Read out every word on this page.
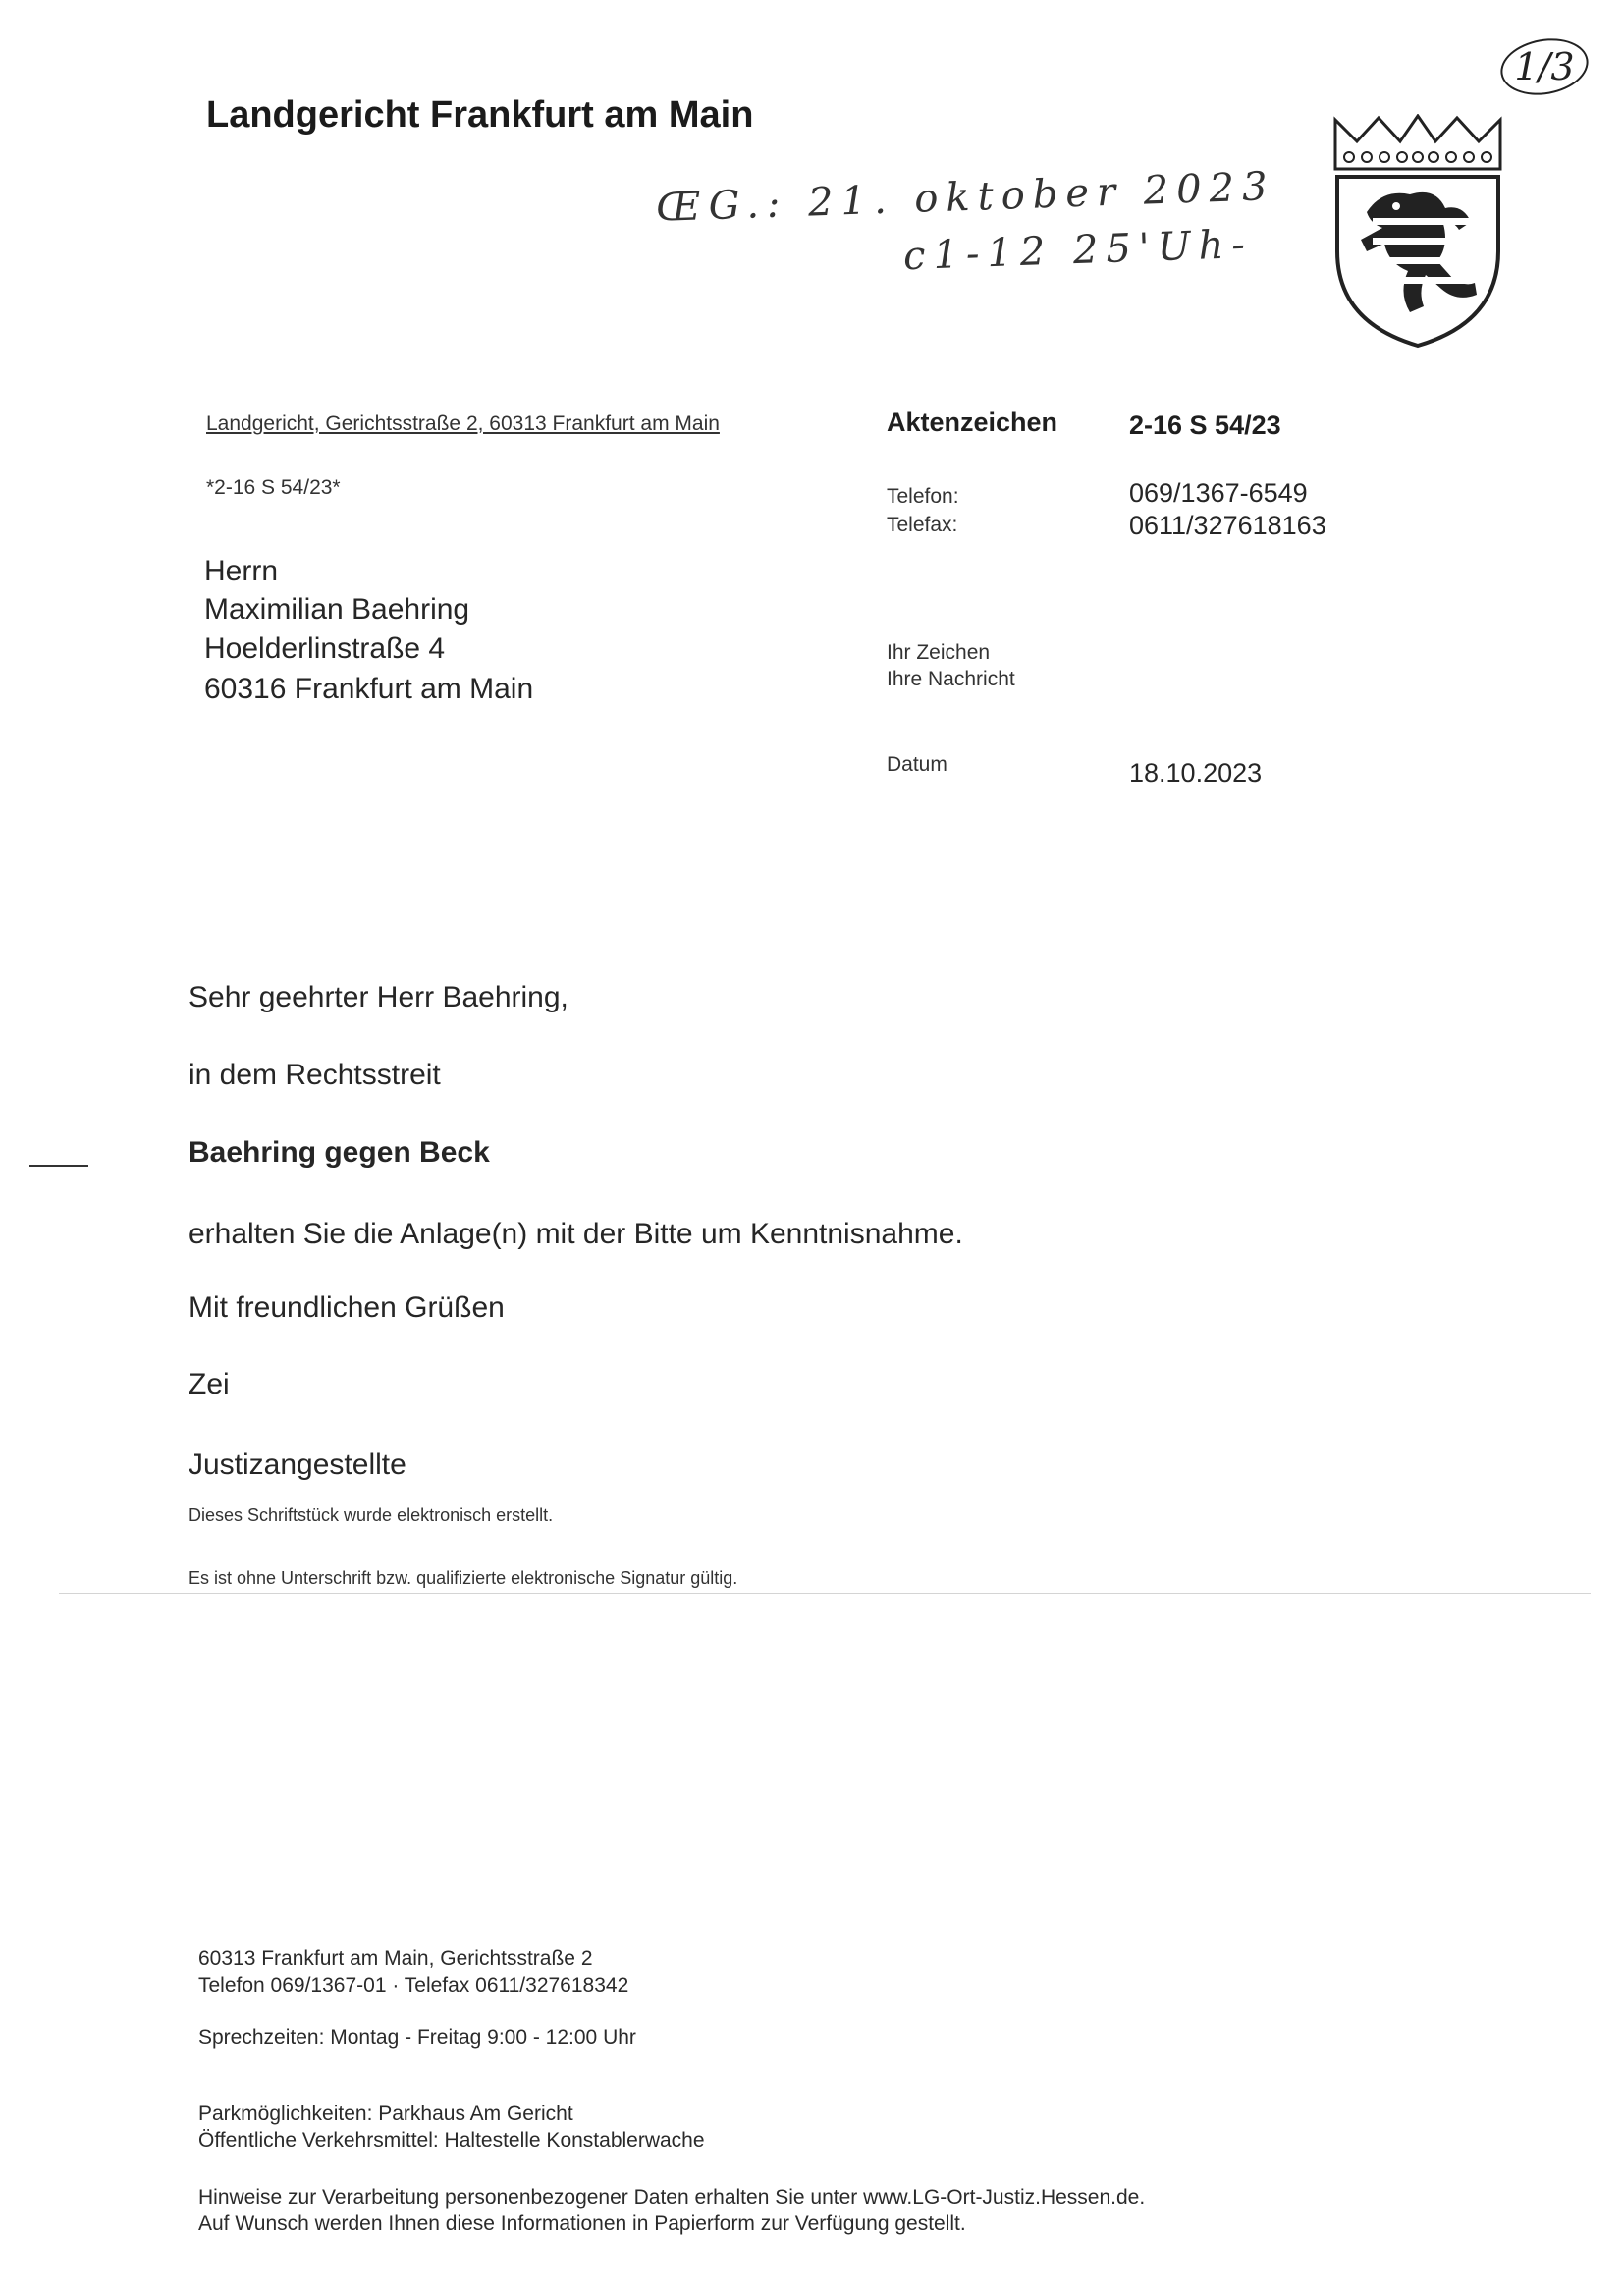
Landgericht Frankfurt am Main
ŒG.: 21. oktober 2023
c1-12 25'Uh-
1/3
Landgericht, Gerichtsstraße 2, 60313 Frankfurt am Main
*2-16 S 54/23*
Herrn
Maximilian Baehring
Hoelderlinstraße 4
60316 Frankfurt am Main
Aktenzeichen	2-16 S 54/23
Telefon:	069/1367-6549
Telefax:	0611/327618163
Ihr Zeichen
Ihre Nachricht
Datum	18.10.2023
Sehr geehrter Herr Baehring,
in dem Rechtsstreit
Baehring gegen Beck
erhalten Sie die Anlage(n) mit der Bitte um Kenntnisnahme.
Mit freundlichen Grüßen
Zei
Justizangestellte
Dieses Schriftstück wurde elektronisch erstellt.
Es ist ohne Unterschrift bzw. qualifizierte elektronische Signatur gültig.
60313 Frankfurt am Main, Gerichtsstraße 2
Telefon 069/1367-01 · Telefax 0611/327618342
Sprechzeiten: Montag - Freitag 9:00 - 12:00 Uhr
Parkmöglichkeiten: Parkhaus Am Gericht
Öffentliche Verkehrsmittel: Haltestelle Konstablerwache
Hinweise zur Verarbeitung personenbezogener Daten erhalten Sie unter www.LG-Ort-Justiz.Hessen.de.
Auf Wunsch werden Ihnen diese Informationen in Papierform zur Verfügung gestellt.
